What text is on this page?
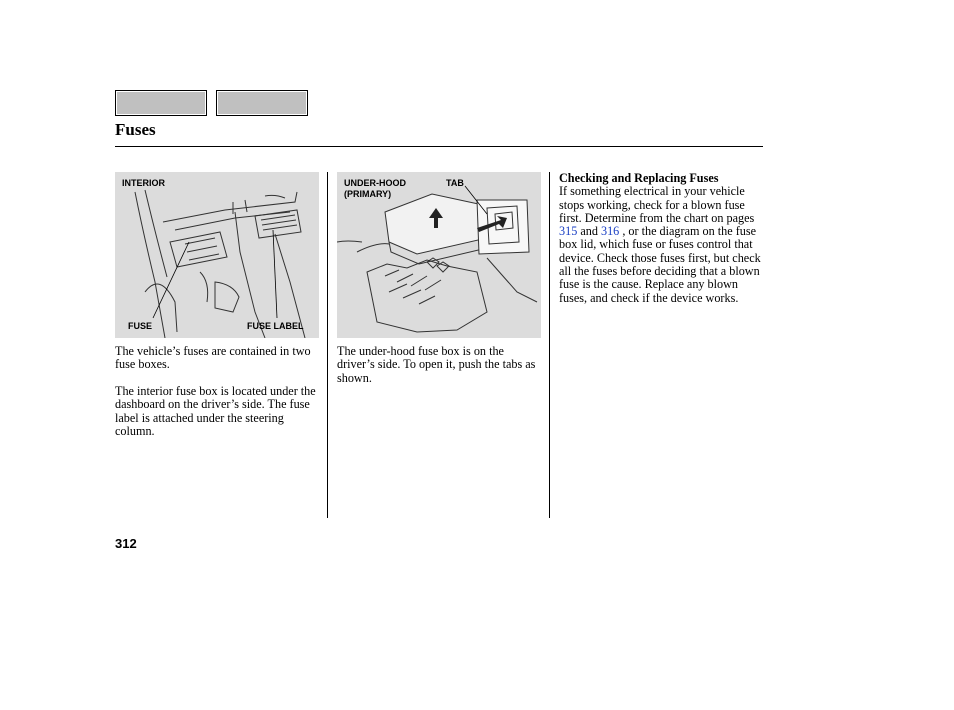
Fuses
INTERIOR
FUSE	FUSE LABEL
UNDER-HOOD
(PRIMARY)
TAB

The vehicle’s fuses are contained in two fuse boxes.

The interior fuse box is located under the dashboard on the driver’s side. The fuse label is attached under the steering column.

The under-hood fuse box is on the driver’s side. To open it, push the tabs as shown.

Checking and Replacing Fuses
If something electrical in your vehicle stops working, check for a blown fuse first. Determine from the chart on pages 315 and 316 , or the diagram on the fuse box lid, which fuse or fuses control that device. Check those fuses first, but check all the fuses before deciding that a blown fuse is the cause. Replace any blown fuses, and check if the device works.

312
